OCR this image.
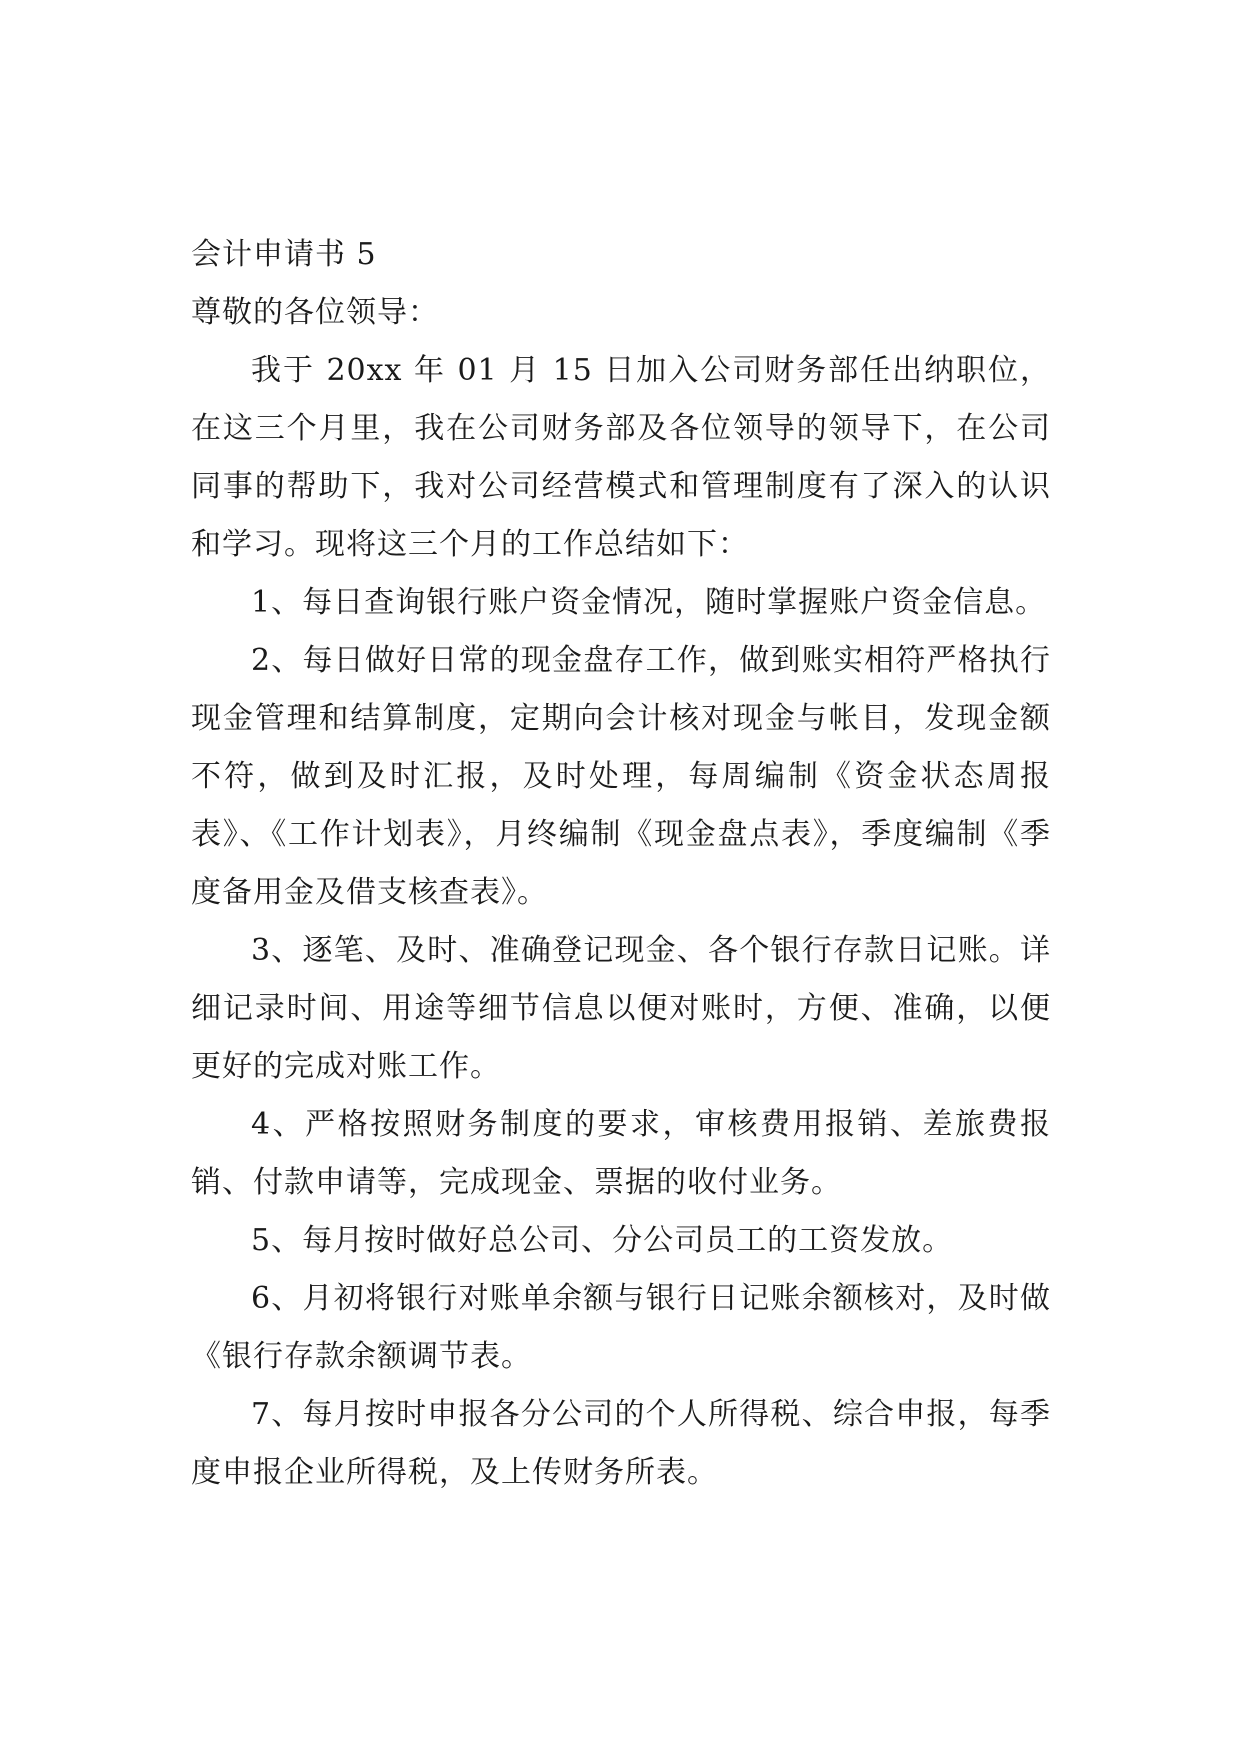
会计申请书 5

尊敬的各位领导：

我于 20xx 年 01 月 15 日加入公司财务部任出纳职位，在这三个月里，我在公司财务部及各位领导的领导下，在公司同事的帮助下，我对公司经营模式和管理制度有了深入的认识和学习。现将这三个月的工作总结如下：

1、每日查询银行账户资金情况，随时掌握账户资金信息。

2、每日做好日常的现金盘存工作，做到账实相符严格执行现金管理和结算制度，定期向会计核对现金与帐目，发现金额不符，做到及时汇报，及时处理，每周编制《资金状态周报表》、《工作计划表》，月终编制《现金盘点表》，季度编制《季度备用金及借支核查表》。

3、逐笔、及时、准确登记现金、各个银行存款日记账。详细记录时间、用途等细节信息以便对账时，方便、准确，以便更好的完成对账工作。

4、严格按照财务制度的要求，审核费用报销、差旅费报销、付款申请等，完成现金、票据的收付业务。

5、每月按时做好总公司、分公司员工的工资发放。

6、月初将银行对账单余额与银行日记账余额核对，及时做《银行存款余额调节表。

7、每月按时申报各分公司的个人所得税、综合申报，每季度申报企业所得税，及上传财务所表。
